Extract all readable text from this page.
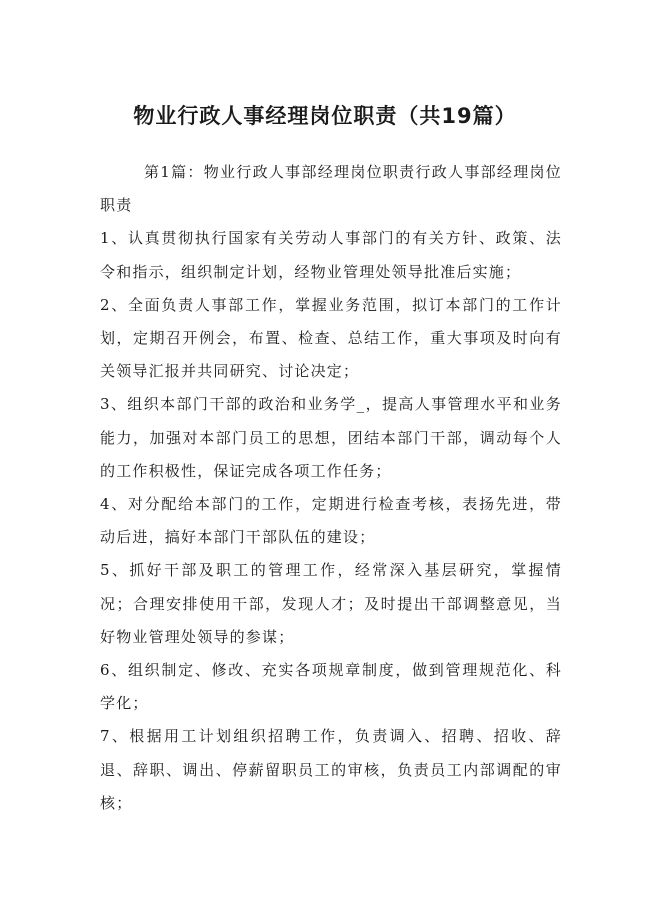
物业行政人事经理岗位职责（共19篇）

第1篇：物业行政人事部经理岗位职责行政人事部经理岗位职责

1、认真贯彻执行国家有关劳动人事部门的有关方针、政策、法令和指示，组织制定计划，经物业管理处领导批准后实施；

2、全面负责人事部工作，掌握业务范围，拟订本部门的工作计划，定期召开例会，布置、检查、总结工作，重大事项及时向有关领导汇报并共同研究、讨论决定；

3、组织本部门干部的政治和业务学_，提高人事管理水平和业务能力，加强对本部门员工的思想，团结本部门干部，调动每个人的工作积极性，保证完成各项工作任务；

4、对分配给本部门的工作，定期进行检查考核，表扬先进，带动后进，搞好本部门干部队伍的建设；

5、抓好干部及职工的管理工作，经常深入基层研究，掌握情况；合理安排使用干部，发现人才；及时提出干部调整意见，当好物业管理处领导的参谋；

6、组织制定、修改、充实各项规章制度，做到管理规范化、科学化；

7、根据用工计划组织招聘工作，负责调入、招聘、招收、辞退、辞职、调出、停薪留职员工的审核，负责员工内部调配的审核；
